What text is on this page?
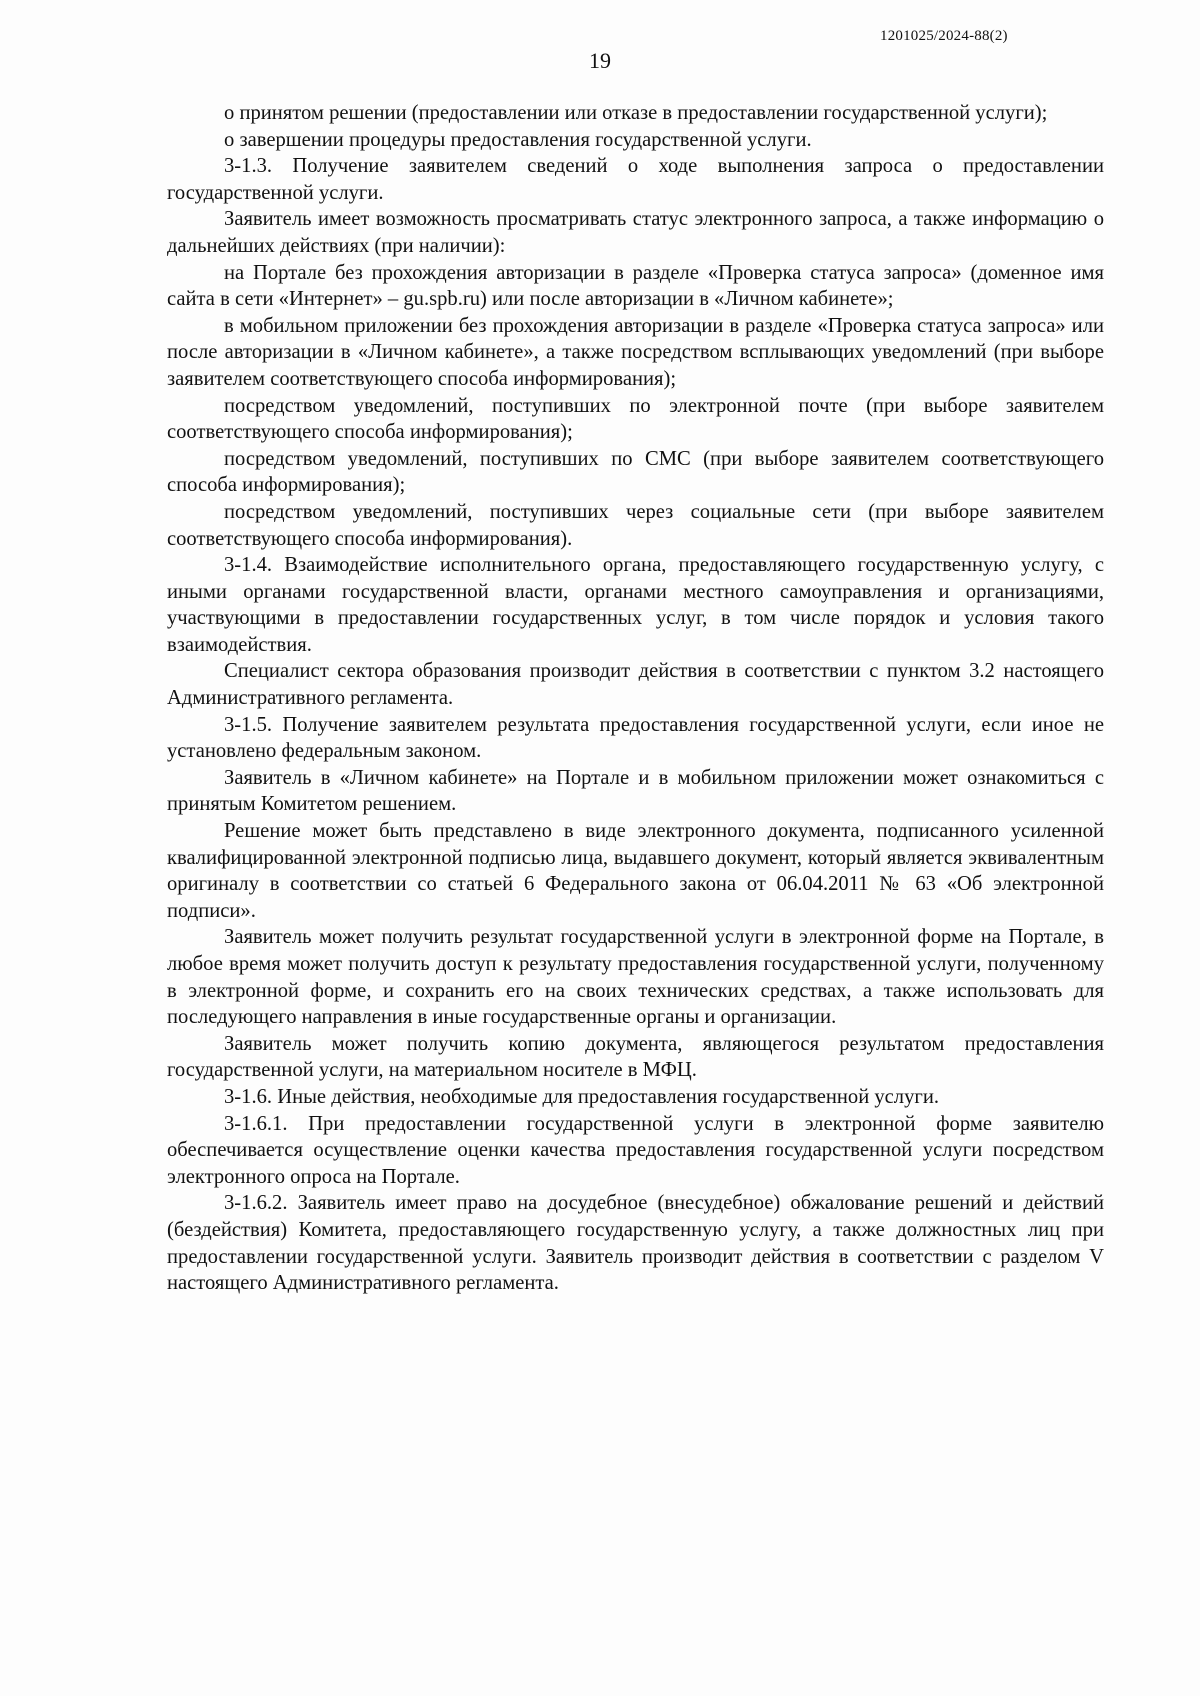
1201025/2024-88(2)
19

о принятом решении (предоставлении или отказе в предоставлении государственной услуги);

о завершении процедуры предоставления государственной услуги.

3-1.3. Получение заявителем сведений о ходе выполнения запроса о предоставлении государственной услуги.

Заявитель имеет возможность просматривать статус электронного запроса, а также информацию о дальнейших действиях (при наличии):

на Портале без прохождения авторизации в разделе «Проверка статуса запроса» (доменное имя сайта в сети «Интернет» – gu.spb.ru) или после авторизации в «Личном кабинете»;

в мобильном приложении без прохождения авторизации в разделе «Проверка статуса запроса» или после авторизации в «Личном кабинете», а также посредством всплывающих уведомлений (при выборе заявителем соответствующего способа информирования);

посредством уведомлений, поступивших по электронной почте (при выборе заявителем соответствующего способа информирования);

посредством уведомлений, поступивших по СМС (при выборе заявителем соответствующего способа информирования);

посредством уведомлений, поступивших через социальные сети (при выборе заявителем соответствующего способа информирования).

3-1.4. Взаимодействие исполнительного органа, предоставляющего государственную услугу, с иными органами государственной власти, органами местного самоуправления и организациями, участвующими в предоставлении государственных услуг, в том числе порядок и условия такого взаимодействия.

Специалист сектора образования производит действия в соответствии с пунктом 3.2 настоящего Административного регламента.

3-1.5. Получение заявителем результата предоставления государственной услуги, если иное не установлено федеральным законом.

Заявитель в «Личном кабинете» на Портале и в мобильном приложении может ознакомиться с принятым Комитетом решением.

Решение может быть представлено в виде электронного документа, подписанного усиленной квалифицированной электронной подписью лица, выдавшего документ, который является эквивалентным оригиналу в соответствии со статьей 6 Федерального закона от 06.04.2011 № 63 «Об электронной подписи».

Заявитель может получить результат государственной услуги в электронной форме на Портале, в любое время может получить доступ к результату предоставления государственной услуги, полученному в электронной форме, и сохранить его на своих технических средствах, а также использовать для последующего направления в иные государственные органы и организации.

Заявитель может получить копию документа, являющегося результатом предоставления государственной услуги, на материальном носителе в МФЦ.

3-1.6. Иные действия, необходимые для предоставления государственной услуги.

3-1.6.1. При предоставлении государственной услуги в электронной форме заявителю обеспечивается осуществление оценки качества предоставления государственной услуги посредством электронного опроса на Портале.

3-1.6.2. Заявитель имеет право на досудебное (внесудебное) обжалование решений и действий (бездействия) Комитета, предоставляющего государственную услугу, а также должностных лиц при предоставлении государственной услуги. Заявитель производит действия в соответствии с разделом V настоящего Административного регламента.
